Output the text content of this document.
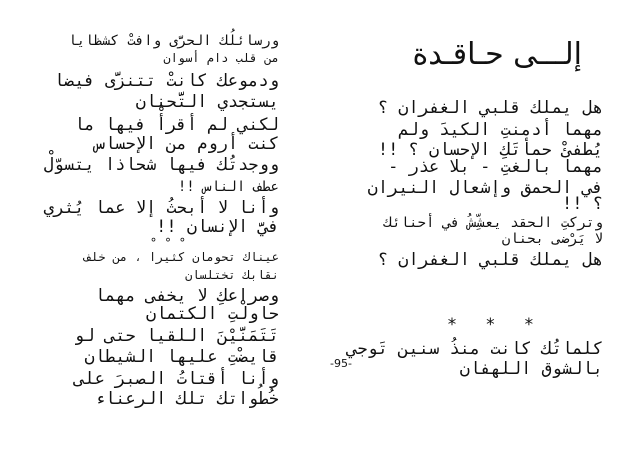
ورسائلُك الحرَّى وافتْ كشظايا
من قلب دام أسوان
ودموعك كانتْ تتنزَّى فيضا
يستجدي التَّحنان
لكني لم أقرأْ فيها ما
كنت أروم من الإحساس
ووجدتُك فيها شحاذا يتسوّلْ
عطف الناس !!
وأنا لا أبحثُ إلا عما يُثري
فيَّ الإنسان !!
° ° °
عيناك تحومان كثيرا ، من خلف
نقابك تختلسان
وصراعكِ لا يخفى مهما
حاولْتِ الكتمان
تَتَمَنَّيْنَ اللقيا حتى لو
قايضْتِ عليها الشيطان
وأنا أقتاتُ الصبرَ على
خُطُواتك تلك الرعناء
إلـــى حـاقـدة
هل يملك قلبي الغفران ؟
مهما أدمنتِ الكيدَ ولم
يُطفئْ حمأتَكِ الإحسان ؟ !!
مهما بالغتِ - بلا عذر -
في الحمق وإشعال النيران
؟ !!
وتركتِ الحقد يعشِّشُ في أحنائك
لا يَرْضى بحنان
هل يملك قلبي الغفران ؟
* * *
كلماتُك كانت منذُ سنين تَوجي
بالشوق اللهفان
-95-
